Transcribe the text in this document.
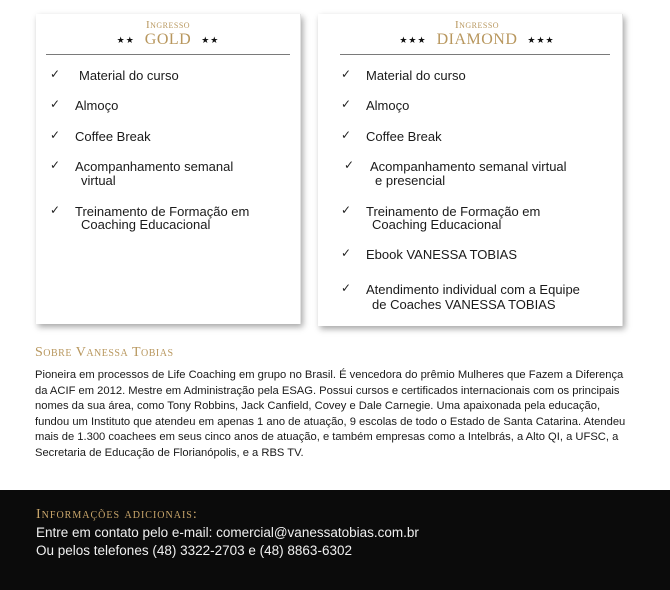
Ingresso
★★ GOLD ★★
✓ Material do curso
✓ Almoço
✓ Coffee Break
✓ Acompanhamento semanal
virtual
✓ Treinamento de Formação em
Coaching Educacional
Ingresso
★★★ DIAMOND ★★★
✓ Material do curso
✓ Almoço
✓ Coffee Break
✓ Acompanhamento semanal virtual
e presencial
✓ Treinamento de Formação em
Coaching Educacional
✓ Ebook VANESSA TOBIAS
✓ Atendimento individual com a Equipe
de Coaches VANESSA TOBIAS
Sobre Vanessa Tobias

Pioneira em processos de Life Coaching em grupo no Brasil. É vencedora do prêmio Mulheres que Fazem a Diferença da ACIF em 2012. Mestre em Administração pela ESAG. Possui cursos e certificados internacionais com os principais nomes da sua área, como Tony Robbins, Jack Canfield, Covey e Dale Carnegie. Uma apaixonada pela educação, fundou um Instituto que atendeu em apenas 1 ano de atuação, 9 escolas de todo o Estado de Santa Catarina. Atendeu mais de 1.300 coachees em seus cinco anos de atuação, e também empresas como a Intelbrás, a Alto QI, a UFSC, a Secretaria de Educação de Florianópolis, e a RBS TV.

Informações adicionais:
Entre em contato pelo e-mail: comercial@vanessatobias.com.br
Ou pelos telefones (48) 3322-2703 e (48) 8863-6302
